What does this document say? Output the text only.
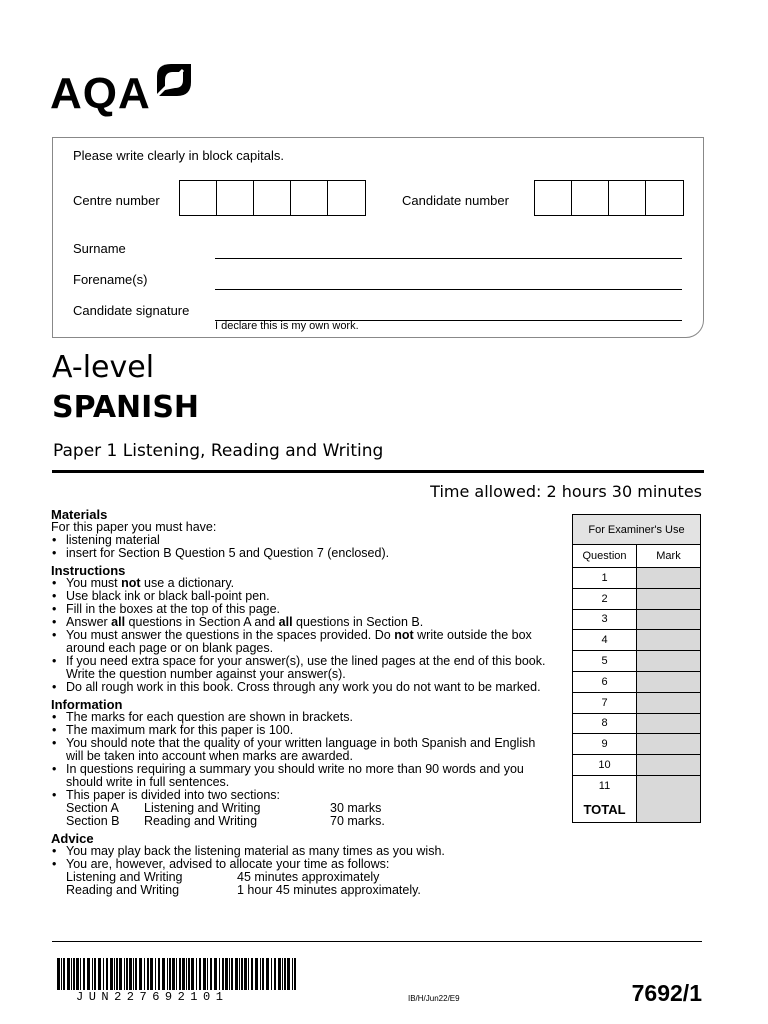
AQA
Please write clearly in block capitals.
Centre number	Candidate number
Surname
Forename(s)
Candidate signature
I declare this is my own work.
A-level
SPANISH
Paper 1 Listening, Reading and Writing
Time allowed: 2 hours 30 minutes
Materials
For this paper you must have:
• listening material
• insert for Section B Question 5 and Question 7 (enclosed).
Instructions
• You must not use a dictionary.
• Use black ink or black ball-point pen.
• Fill in the boxes at the top of this page.
• Answer all questions in Section A and all questions in Section B.
• You must answer the questions in the spaces provided. Do not write outside the box around each page or on blank pages.
• If you need extra space for your answer(s), use the lined pages at the end of this book. Write the question number against your answer(s).
• Do all rough work in this book. Cross through any work you do not want to be marked.
Information
• The marks for each question are shown in brackets.
• The maximum mark for this paper is 100.
• You should note that the quality of your written language in both Spanish and English will be taken into account when marks are awarded.
• In questions requiring a summary you should write no more than 90 words and you should write in full sentences.
• This paper is divided into two sections:
Section A	Listening and Writing	30 marks
Section B	Reading and Writing	70 marks.
Advice
• You may play back the listening material as many times as you wish.
• You are, however, advised to allocate your time as follows:
Listening and Writing	45 minutes approximately
Reading and Writing	1 hour 45 minutes approximately.
For Examiner's Use
Question	Mark
1
2
3
4
5
6
7
8
9
10
11
TOTAL
JUN227692101	IB/H/Jun22/E9	7692/1
